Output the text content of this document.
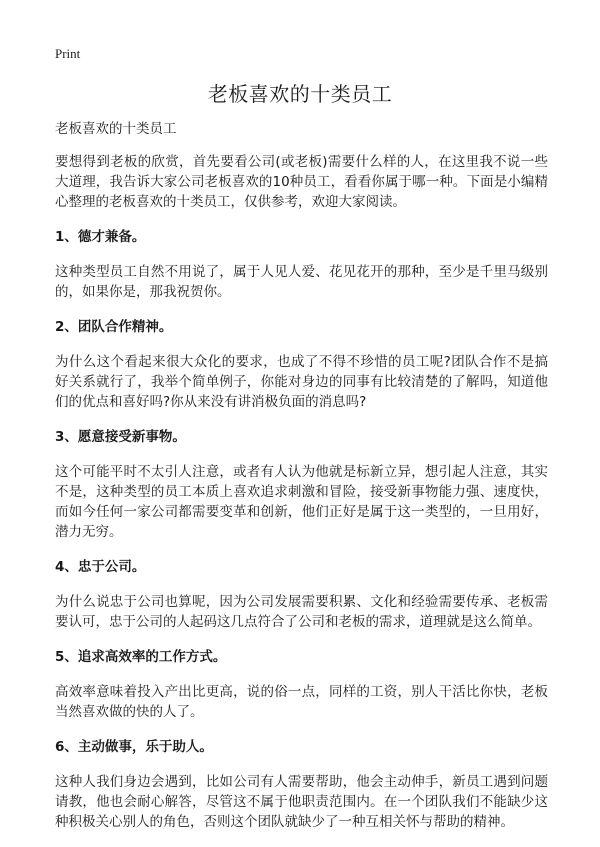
Print
老板喜欢的十类员工

老板喜欢的十类员工

要想得到老板的欣赏，首先要看公司(或老板)需要什么样的人，在这里我不说一些大道理，我告诉大家公司老板喜欢的10种员工，看看你属于哪一种。下面是小编精心整理的老板喜欢的十类员工，仅供参考，欢迎大家阅读。

1、德才兼备。

这种类型员工自然不用说了，属于人见人爱、花见花开的那种，至少是千里马级别的，如果你是，那我祝贺你。

2、团队合作精神。

为什么这个看起来很大众化的要求，也成了不得不珍惜的员工呢?团队合作不是搞好关系就行了，我举个简单例子，你能对身边的同事有比较清楚的了解吗，知道他们的优点和喜好吗?你从来没有讲消极负面的消息吗?

3、愿意接受新事物。

这个可能平时不太引人注意，或者有人认为他就是标新立异，想引起人注意，其实不是，这种类型的员工本质上喜欢追求刺激和冒险，接受新事物能力强、速度快，而如今任何一家公司都需要变革和创新，他们正好是属于这一类型的，一旦用好，潜力无穷。

4、忠于公司。

为什么说忠于公司也算呢，因为公司发展需要积累、文化和经验需要传承、老板需要认可，忠于公司的人起码这几点符合了公司和老板的需求，道理就是这么简单。

5、追求高效率的工作方式。

高效率意味着投入产出比更高，说的俗一点，同样的工资，别人干活比你快，老板当然喜欢做的快的人了。

6、主动做事，乐于助人。

这种人我们身边会遇到，比如公司有人需要帮助，他会主动伸手，新员工遇到问题请教，他也会耐心解答，尽管这不属于他职责范围内。在一个团队我们不能缺少这种积极关心别人的角色，否则这个团队就缺少了一种互相关怀与帮助的精神。
